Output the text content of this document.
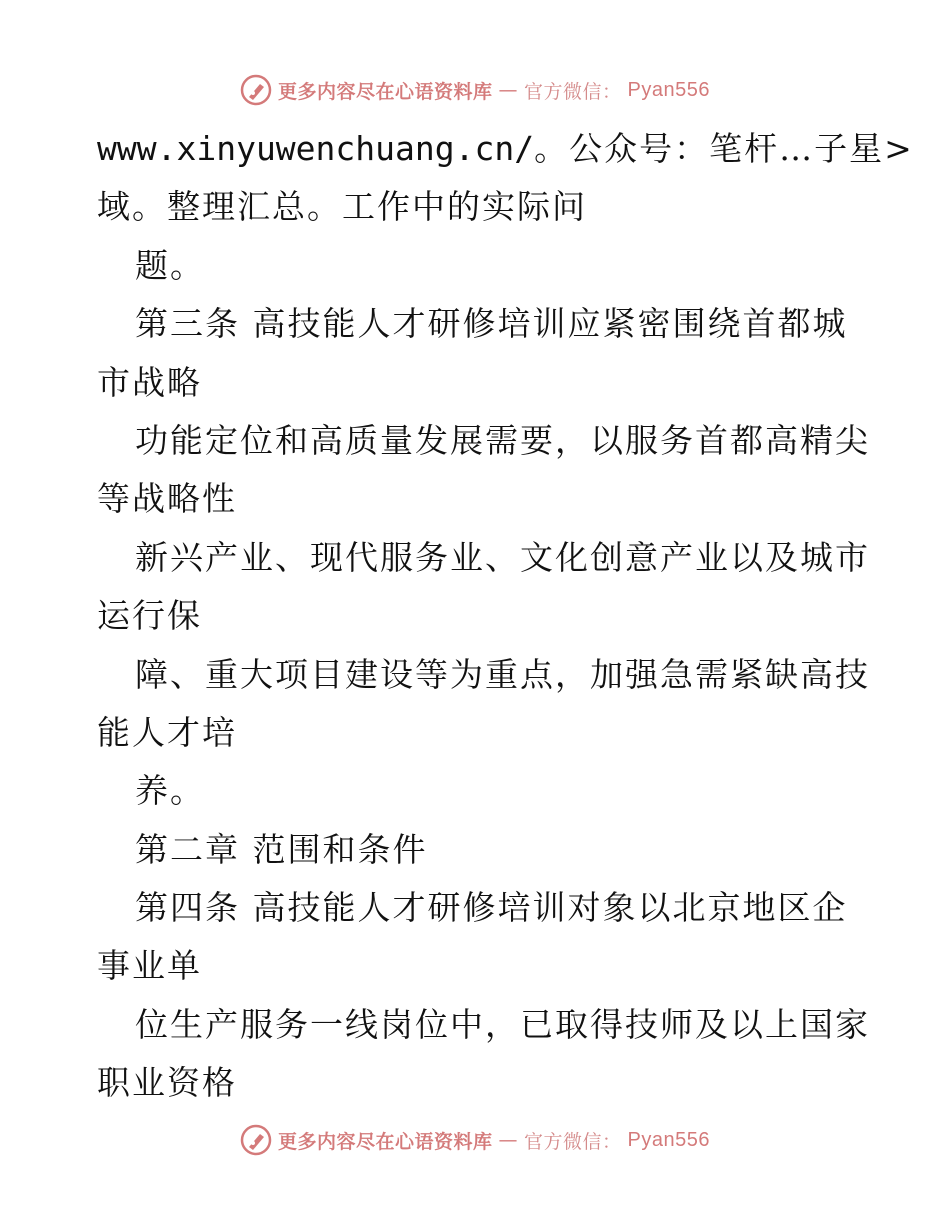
更多内容尽在心语资料库 — 官方微信： Pyan556
www.xinyuwenchuang.cn/。公众号：笔杆…子星>
域。整理汇总。工作中的实际问
题。
第三条 高技能人才研修培训应紧密围绕首都城
市战略
功能定位和高质量发展需要，以服务首都高精尖
等战略性
新兴产业、现代服务业、文化创意产业以及城市
运行保
障、重大项目建设等为重点，加强急需紧缺高技
能人才培
养。
第二章 范围和条件
第四条 高技能人才研修培训对象以北京地区企
事业单
位生产服务一线岗位中，已取得技师及以上国家
职业资格
更多内容尽在心语资料库 — 官方微信： Pyan556
